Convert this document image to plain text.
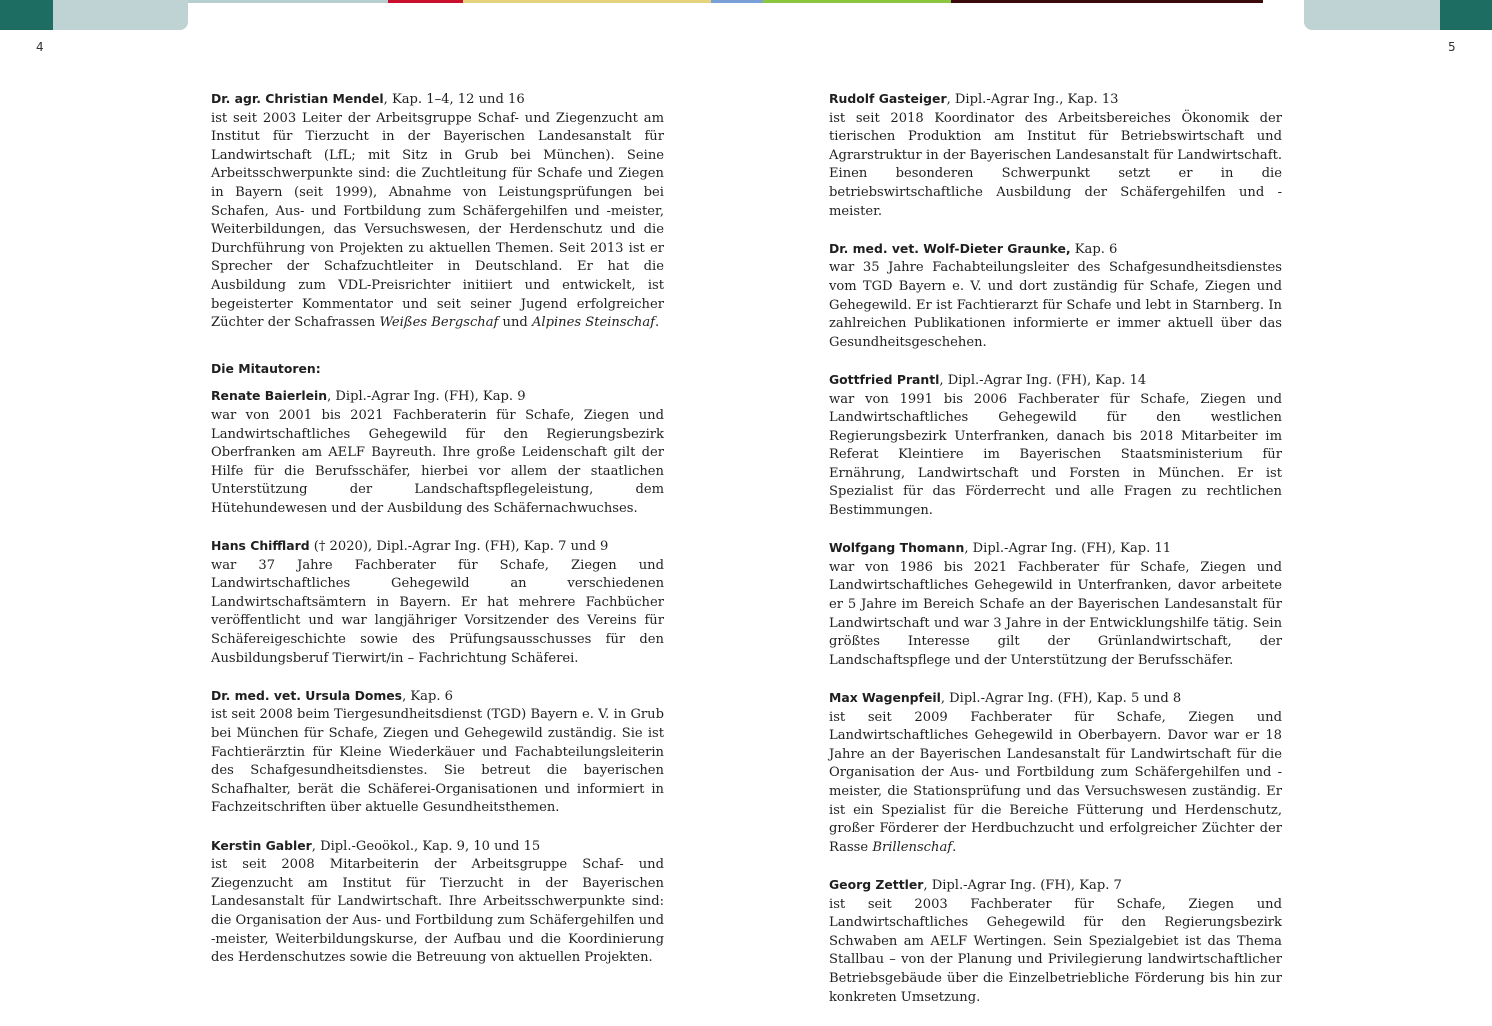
4	5
Dr. agr. Christian Mendel, Kap. 1–4, 12 und 16
ist seit 2003 Leiter der Arbeitsgruppe Schaf- und Ziegenzucht am Institut für Tierzucht in der Bayerischen Landesanstalt für Landwirtschaft (LfL; mit Sitz in Grub bei München). Seine Arbeitsschwerpunkte sind: die Zuchtleitung für Schafe und Ziegen in Bayern (seit 1999), Abnahme von Leistungsprüfungen bei Schafen, Aus- und Fortbildung zum Schäfergehilfen und -meister, Weiterbildungen, das Versuchswesen, der Herdenschutz und die Durchführung von Projekten zu aktuellen Themen. Seit 2013 ist er Sprecher der Schafzuchtleiter in Deutschland. Er hat die Ausbildung zum VDL-Preisrichter initiiert und entwickelt, ist begeisterter Kommentator und seit seiner Jugend erfolgreicher Züchter der Schafrassen Weißes Bergschaf und Alpines Steinschaf.
Die Mitautoren:
Renate Baierlein, Dipl.-Agrar Ing. (FH), Kap. 9
war von 2001 bis 2021 Fachberaterin für Schafe, Ziegen und Landwirtschaftliches Gehegewild für den Regierungsbezirk Oberfranken am AELF Bayreuth. Ihre große Leidenschaft gilt der Hilfe für die Berufsschäfer, hierbei vor allem der staatlichen Unterstützung der Landschaftspflegeleistung, dem Hütehundewesen und der Ausbildung des Schäfernachwuchses.
Hans Chifflard († 2020), Dipl.-Agrar Ing. (FH), Kap. 7 und 9
war 37 Jahre Fachberater für Schafe, Ziegen und Landwirtschaftliches Gehegewild an verschiedenen Landwirtschaftsämtern in Bayern. Er hat mehrere Fachbücher veröffentlicht und war langjähriger Vorsitzender des Vereins für Schäfereigeschichte sowie des Prüfungsausschusses für den Ausbildungsberuf Tierwirt/in – Fachrichtung Schäferei.
Dr. med. vet. Ursula Domes, Kap. 6
ist seit 2008 beim Tiergesundheitsdienst (TGD) Bayern e. V. in Grub bei München für Schafe, Ziegen und Gehegewild zuständig. Sie ist Fachtierärztin für Kleine Wiederkäuer und Fachabteilungsleiterin des Schafgesundheitsdienstes. Sie betreut die bayerischen Schafhalter, berät die Schäferei-Organisationen und informiert in Fachzeitschriften über aktuelle Gesundheitsthemen.
Kerstin Gabler, Dipl.-Geoökol., Kap. 9, 10 und 15
ist seit 2008 Mitarbeiterin der Arbeitsgruppe Schaf- und Ziegenzucht am Institut für Tierzucht in der Bayerischen Landesanstalt für Landwirtschaft. Ihre Arbeitsschwerpunkte sind: die Organisation der Aus- und Fortbildung zum Schäfergehilfen und -meister, Weiterbildungskurse, der Aufbau und die Koordinierung des Herdenschutzes sowie die Betreuung von aktuellen Projekten.
Rudolf Gasteiger, Dipl.-Agrar Ing., Kap. 13
ist seit 2018 Koordinator des Arbeitsbereiches Ökonomik der tierischen Produktion am Institut für Betriebswirtschaft und Agrarstruktur in der Bayerischen Landesanstalt für Landwirtschaft. Einen besonderen Schwerpunkt setzt er in die betriebswirtschaftliche Ausbildung der Schäfergehilfen und -meister.
Dr. med. vet. Wolf-Dieter Graunke, Kap. 6
war 35 Jahre Fachabteilungsleiter des Schafgesundheitsdienstes vom TGD Bayern e. V. und dort zuständig für Schafe, Ziegen und Gehegewild. Er ist Fachtierarzt für Schafe und lebt in Starnberg. In zahlreichen Publikationen informierte er immer aktuell über das Gesundheitsgeschehen.
Gottfried Prantl, Dipl.-Agrar Ing. (FH), Kap. 14
war von 1991 bis 2006 Fachberater für Schafe, Ziegen und Landwirtschaftliches Gehegewild für den westlichen Regierungsbezirk Unterfranken, danach bis 2018 Mitarbeiter im Referat Kleintiere im Bayerischen Staatsministerium für Ernährung, Landwirtschaft und Forsten in München. Er ist Spezialist für das Förderrecht und alle Fragen zu rechtlichen Bestimmungen.
Wolfgang Thomann, Dipl.-Agrar Ing. (FH), Kap. 11
war von 1986 bis 2021 Fachberater für Schafe, Ziegen und Landwirtschaftliches Gehegewild in Unterfranken, davor arbeitete er 5 Jahre im Bereich Schafe an der Bayerischen Landesanstalt für Landwirtschaft und war 3 Jahre in der Entwicklungshilfe tätig. Sein größtes Interesse gilt der Grünlandwirtschaft, der Landschaftspflege und der Unterstützung der Berufsschäfer.
Max Wagenpfeil, Dipl.-Agrar Ing. (FH), Kap. 5 und 8
ist seit 2009 Fachberater für Schafe, Ziegen und Landwirtschaftliches Gehegewild in Oberbayern. Davor war er 18 Jahre an der Bayerischen Landesanstalt für Landwirtschaft für die Organisation der Aus- und Fortbildung zum Schäfergehilfen und -meister, die Stationsprüfung und das Versuchswesen zuständig. Er ist ein Spezialist für die Bereiche Fütterung und Herdenschutz, großer Förderer der Herdbuchzucht und erfolgreicher Züchter der Rasse Brillenschaf.
Georg Zettler, Dipl.-Agrar Ing. (FH), Kap. 7
ist seit 2003 Fachberater für Schafe, Ziegen und Landwirtschaftliches Gehegewild für den Regierungsbezirk Schwaben am AELF Wertingen. Sein Spezialgebiet ist das Thema Stallbau – von der Planung und Privilegierung landwirtschaftlicher Betriebsgebäude über die Einzelbetriebliche Förderung bis hin zur konkreten Umsetzung.
